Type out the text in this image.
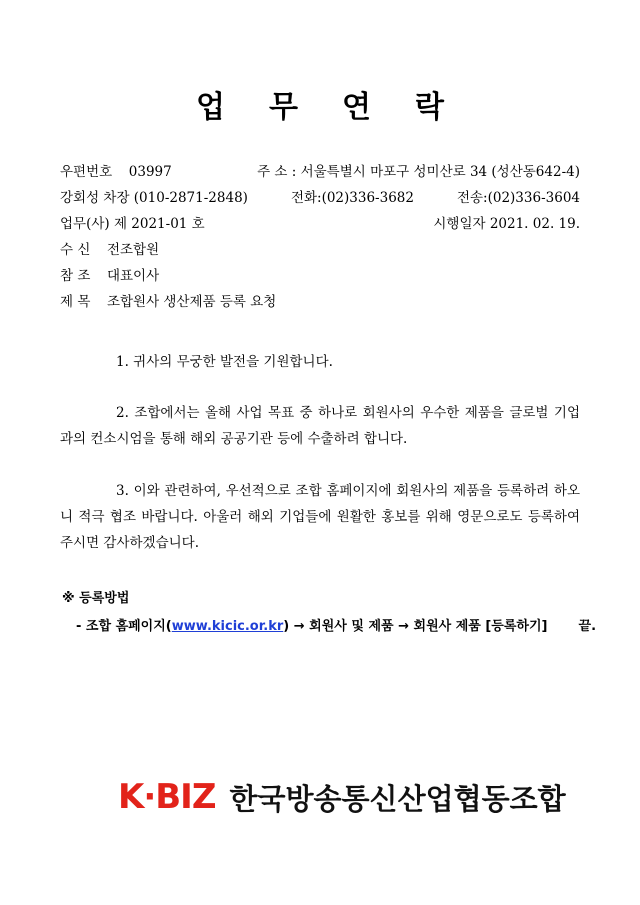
업 무 연 락
우편번호 03997	주 소 : 서울특별시 마포구 성미산로 34 (성산동642-4)
강회성 차장 (010-2871-2848)	전화:(02)336-3682	전송:(02)336-3604
업무(사) 제 2021-01 호	시행일자 2021. 02. 19.
수 신 전조합원
참 조 대표이사
제 목 조합원사 생산제품 등록 요청
1. 귀사의 무궁한 발전을 기원합니다.
2. 조합에서는 올해 사업 목표 중 하나로 회원사의 우수한 제품을 글로벌 기업과의 컨소시엄을 통해 해외 공공기관 등에 수출하려 합니다.
3. 이와 관련하여, 우선적으로 조합 홈페이지에 회원사의 제품을 등록하려 하오니 적극 협조 바랍니다. 아울러 해외 기업들에 원활한 홍보를 위해 영문으로도 등록하여 주시면 감사하겠습니다.
※ 등록방법
- 조합 홈페이지(www.kicic.or.kr) → 회원사 및 제품 → 회원사 제품 [등록하기] 끝.
K·BIZ 한국방송통신산업협동조합
